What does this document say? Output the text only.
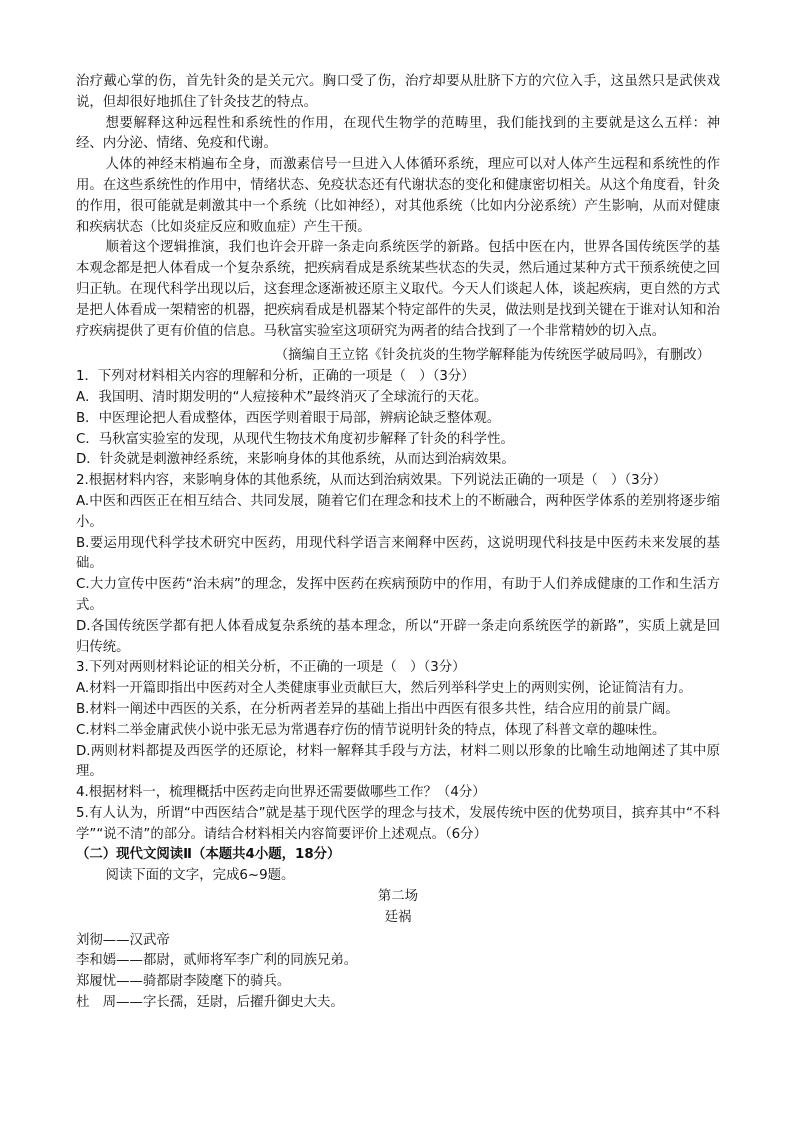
治疗戴心掌的伤，首先针灸的是关元穴。胸口受了伤，治疗却要从肚脐下方的穴位入手，这虽然只是武侠戏说，但却很好地抓住了针灸技艺的特点。

想要解释这种远程性和系统性的作用，在现代生物学的范畴里，我们能找到的主要就是这么五样：神经、内分泌、情绪、免疫和代谢。

人体的神经末梢遍布全身，而激素信号一旦进入人体循环系统，理应可以对人体产生远程和系统性的作用。在这些系统性的作用中，情绪状态、免疫状态还有代谢状态的变化和健康密切相关。从这个角度看，针灸的作用，很可能就是刺激其中一个系统（比如神经），对其他系统（比如内分泌系统）产生影响，从而对健康和疾病状态（比如炎症反应和败血症）产生干预。

顺着这个逻辑推演，我们也许会开辟一条走向系统医学的新路。包括中医在内，世界各国传统医学的基本观念都是把人体看成一个复杂系统，把疾病看成是系统某些状态的失灵，然后通过某种方式干预系统使之回归正轨。在现代科学出现以后，这套理念逐渐被还原主义取代。今天人们谈起人体，谈起疾病，更自然的方式是把人体看成一架精密的机器，把疾病看成是机器某个特定部件的失灵，做法则是找到关键在于谁对认知和治疗疾病提供了更有价值的信息。马秋富实验室这项研究为两者的结合找到了一个非常精妙的切入点。

（摘编自王立铭《针灸抗炎的生物学解释能为传统医学破局吗》，有删改）

1．下列对材料相关内容的理解和分析，正确的一项是（　）（3分）

A．我国明、清时期发明的“人痘接种术”最终消灭了全球流行的天花。

B．中医理论把人看成整体，西医学则着眼于局部，辨病论缺乏整体观。

C．马秋富实验室的发现，从现代生物技术角度初步解释了针灸的科学性。

D．针灸就是刺激神经系统，来影响身体的其他系统，从而达到治病效果。

2.根据材料内容，来影响身体的其他系统，从而达到治病效果。下列说法正确的一项是（　）（3分）

A.中医和西医正在相互结合、共同发展，随着它们在理念和技术上的不断融合，两种医学体系的差别将逐步缩小。

B.要运用现代科学技术研究中医药，用现代科学语言来阐释中医药，这说明现代科技是中医药未来发展的基础。

C.大力宣传中医药“治未病”的理念，发挥中医药在疾病预防中的作用，有助于人们养成健康的工作和生活方式。

D.各国传统医学都有把人体看成复杂系统的基本理念，所以“开辟一条走向系统医学的新路”，实质上就是回归传统。

3.下列对两则材料论证的相关分析，不正确的一项是（　）（3分）

A.材料一开篇即指出中医药对全人类健康事业贡献巨大，然后列举科学史上的两则实例，论证简洁有力。

B.材料一阐述中西医的关系，在分析两者差异的基础上指出中西医有很多共性，结合应用的前景广阔。

C.材料二举金庸武侠小说中张无忌为常遇春疗伤的情节说明针灸的特点，体现了科普文章的趣味性。

D.两则材料都提及西医学的还原论，材料一解释其手段与方法，材料二则以形象的比喻生动地阐述了其中原理。

4.根据材料一，梳理概括中医药走向世界还需要做哪些工作？（4分）

5.有人认为，所谓“中西医结合”就是基于现代医学的理念与技术，发展传统中医的优势项目，摈弃其中“不科学”“说不清”的部分。请结合材料相关内容简要评价上述观点。（6分）

（二）现代文阅读Ⅱ（本题共4小题，18分）

阅读下面的文字，完成6~9题。

第二场

廷祸

刘彻——汉武帝

李和嫣——都尉，贰师将军李广利的同族兄弟。

郑履忧——骑都尉李陵麾下的骑兵。

杜　周——字长孺，廷尉，后擢升御史大夫。
